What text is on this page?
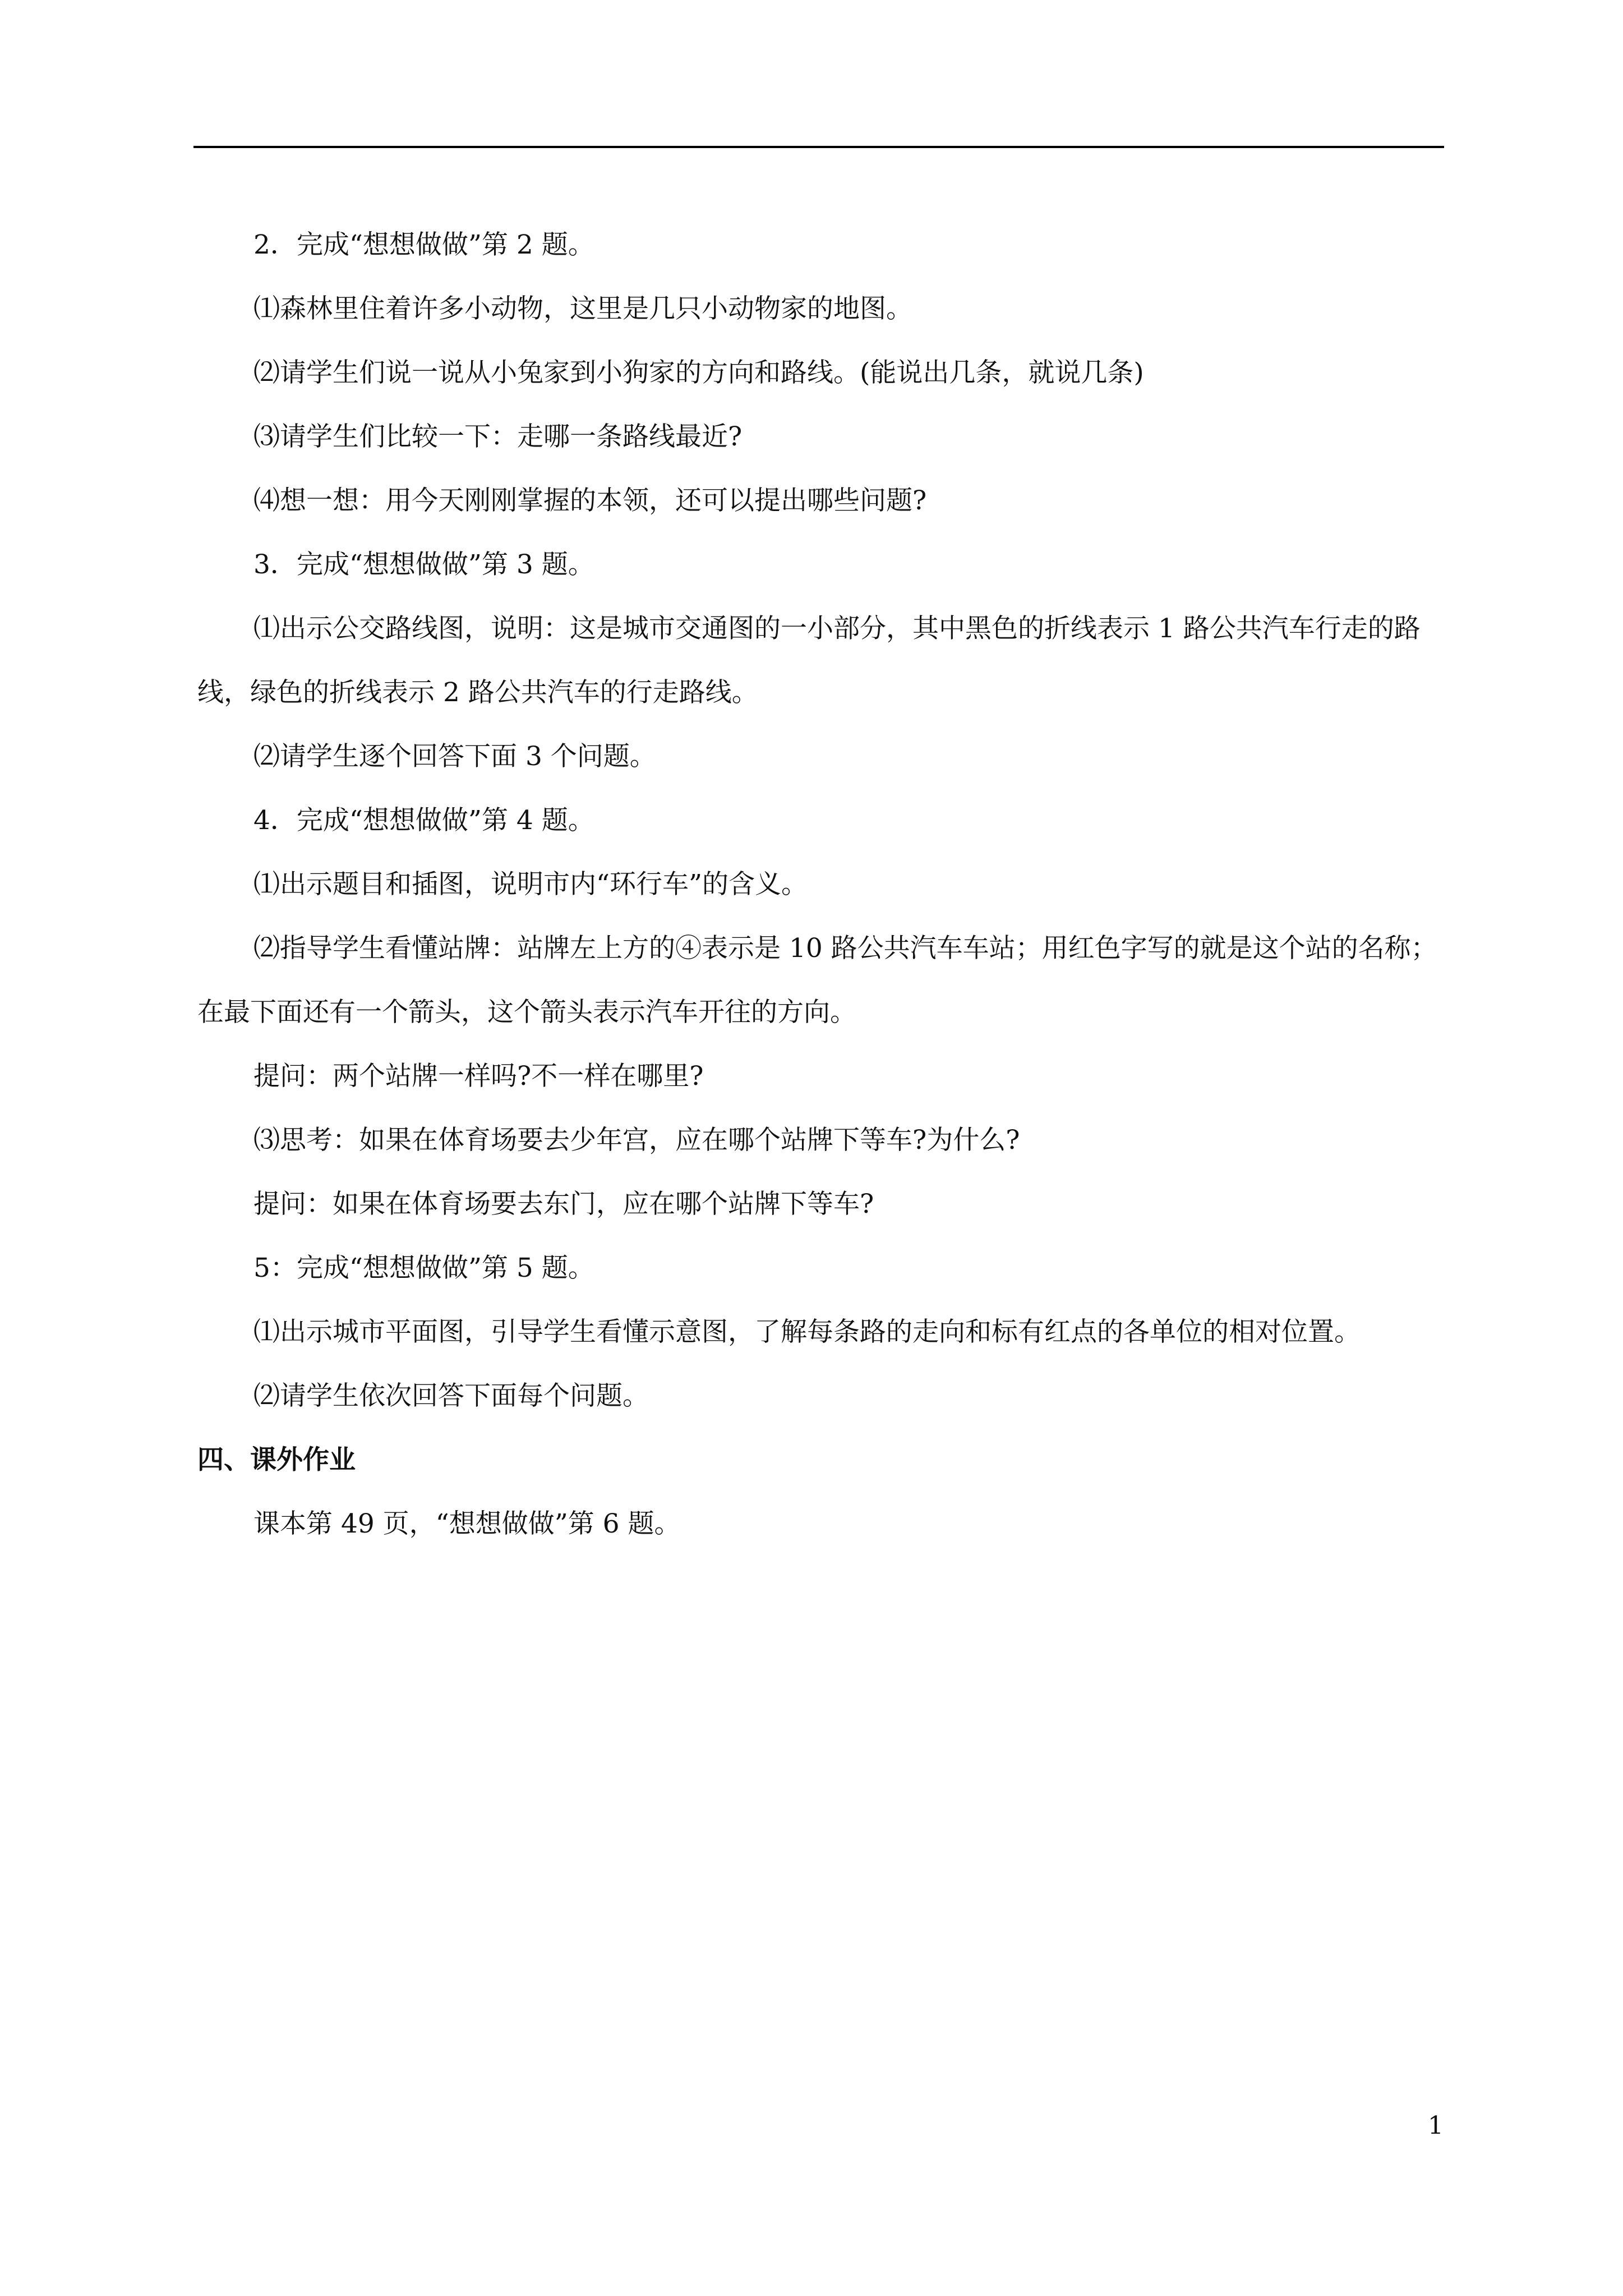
2．完成“想想做做”第 2 题。

⑴森林里住着许多小动物，这里是几只小动物家的地图。

⑵请学生们说一说从小兔家到小狗家的方向和路线。(能说出几条，就说几条)

⑶请学生们比较一下：走哪一条路线最近?

⑷想一想：用今天刚刚掌握的本领，还可以提出哪些问题?

3．完成“想想做做”第 3 题。

⑴出示公交路线图，说明：这是城市交通图的一小部分，其中黑色的折线表示 1 路公共汽车行走的路线，绿色的折线表示 2 路公共汽车的行走路线。

⑵请学生逐个回答下面 3 个问题。

4．完成“想想做做”第 4 题。

⑴出示题目和插图，说明市内“环行车”的含义。

⑵指导学生看懂站牌：站牌左上方的④表示是 10 路公共汽车车站；用红色字写的就是这个站的名称；在最下面还有一个箭头，这个箭头表示汽车开往的方向。

提问：两个站牌一样吗?不一样在哪里?

⑶思考：如果在体育场要去少年宫，应在哪个站牌下等车?为什么?

提问：如果在体育场要去东门，应在哪个站牌下等车?

5：完成“想想做做”第 5 题。

⑴出示城市平面图，引导学生看懂示意图，了解每条路的走向和标有红点的各单位的相对位置。

⑵请学生依次回答下面每个问题。

四、课外作业

课本第 49 页，“想想做做”第 6 题。

1
